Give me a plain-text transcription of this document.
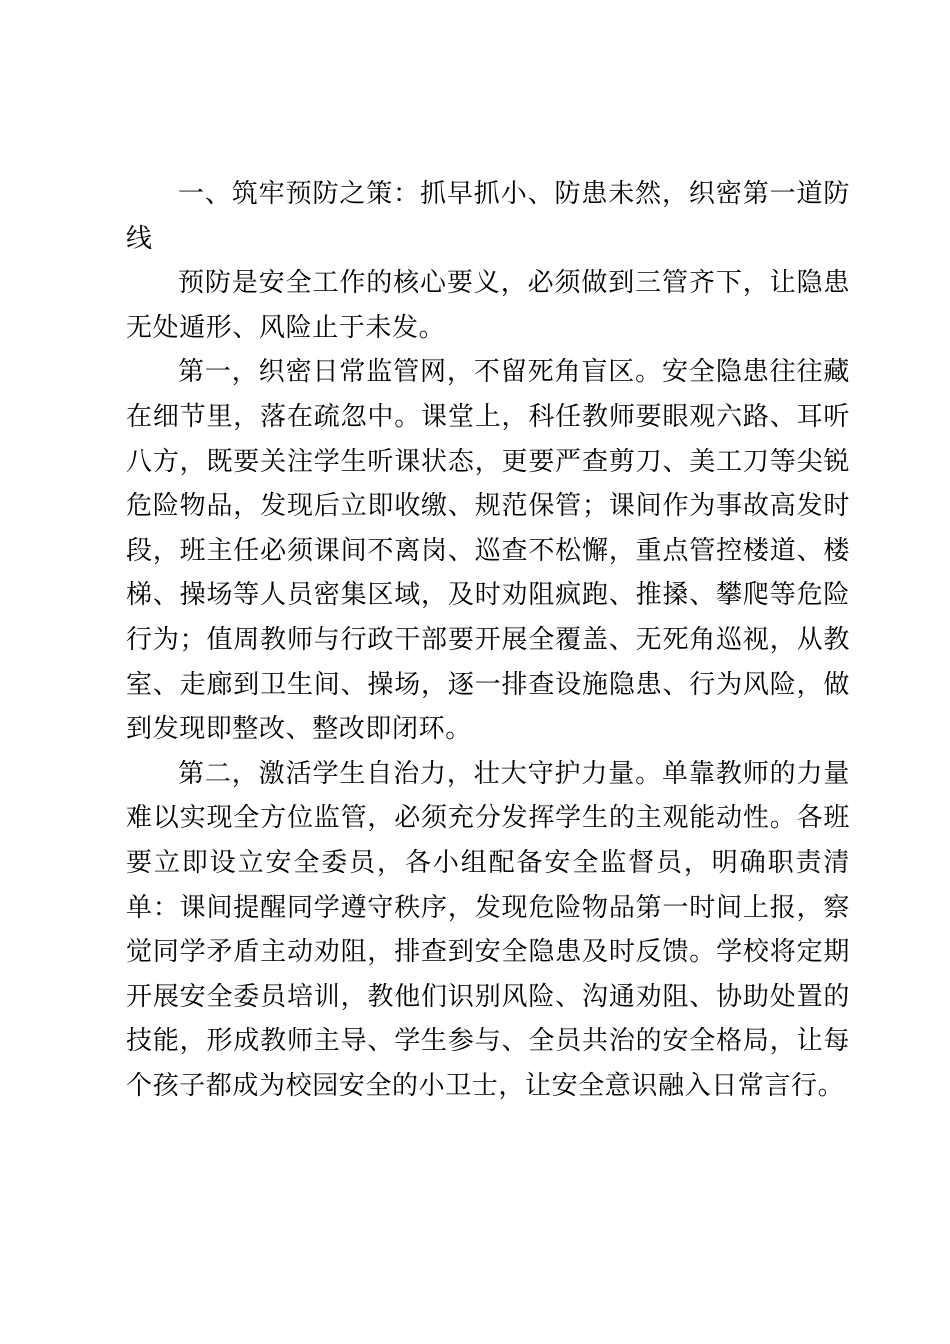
一、筑牢预防之策：抓早抓小、防患未然，织密第一道防线

预防是安全工作的核心要义，必须做到三管齐下，让隐患无处遁形、风险止于未发。

第一，织密日常监管网，不留死角盲区。安全隐患往往藏在细节里，落在疏忽中。课堂上，科任教师要眼观六路、耳听八方，既要关注学生听课状态，更要严查剪刀、美工刀等尖锐危险物品，发现后立即收缴、规范保管；课间作为事故高发时段，班主任必须课间不离岗、巡查不松懈，重点管控楼道、楼梯、操场等人员密集区域，及时劝阻疯跑、推搡、攀爬等危险行为；值周教师与行政干部要开展全覆盖、无死角巡视，从教室、走廊到卫生间、操场，逐一排查设施隐患、行为风险，做到发现即整改、整改即闭环。

第二，激活学生自治力，壮大守护力量。单靠教师的力量难以实现全方位监管，必须充分发挥学生的主观能动性。各班要立即设立安全委员，各小组配备安全监督员，明确职责清单：课间提醒同学遵守秩序，发现危险物品第一时间上报，察觉同学矛盾主动劝阻，排查到安全隐患及时反馈。学校将定期开展安全委员培训，教他们识别风险、沟通劝阻、协助处置的技能，形成教师主导、学生参与、全员共治的安全格局，让每个孩子都成为校园安全的小卫士，让安全意识融入日常言行。
